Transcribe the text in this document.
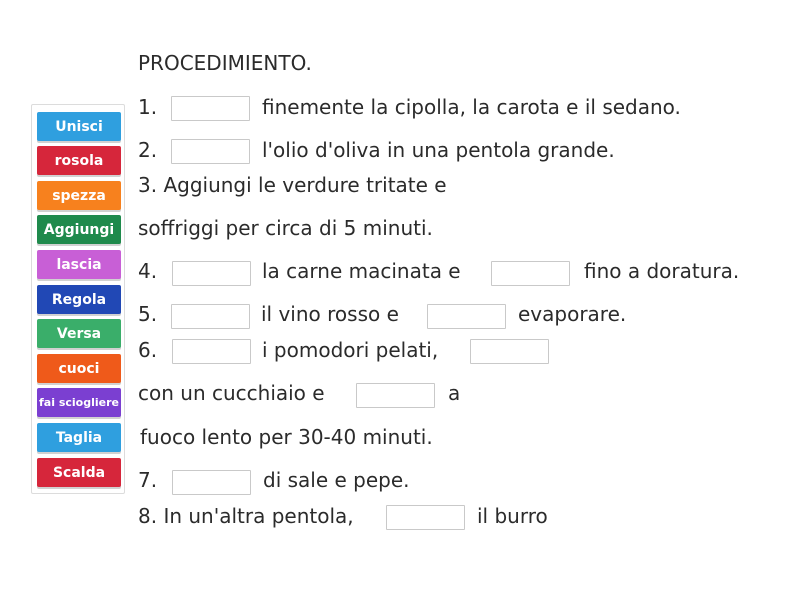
PROCEDIMIENTO.
Unisci
rosola
spezza
Aggiungi
lascia
Regola
Versa
cuoci
fai sciogliere
Taglia
Scalda
1.	finemente la cipolla, la carota e il sedano.
2.	l'olio d'oliva in una pentola grande.
3. Aggiungi le verdure tritate e
soffriggi per circa di 5 minuti.
4.	la carne macinata e	fino a doratura.
5.	il vino rosso e	evaporare.
6.	i pomodori pelati,
con un cucchiaio e	a
fuoco lento per 30-40 minuti.
7.	di sale e pepe.
8. In un'altra pentola,	il burro
